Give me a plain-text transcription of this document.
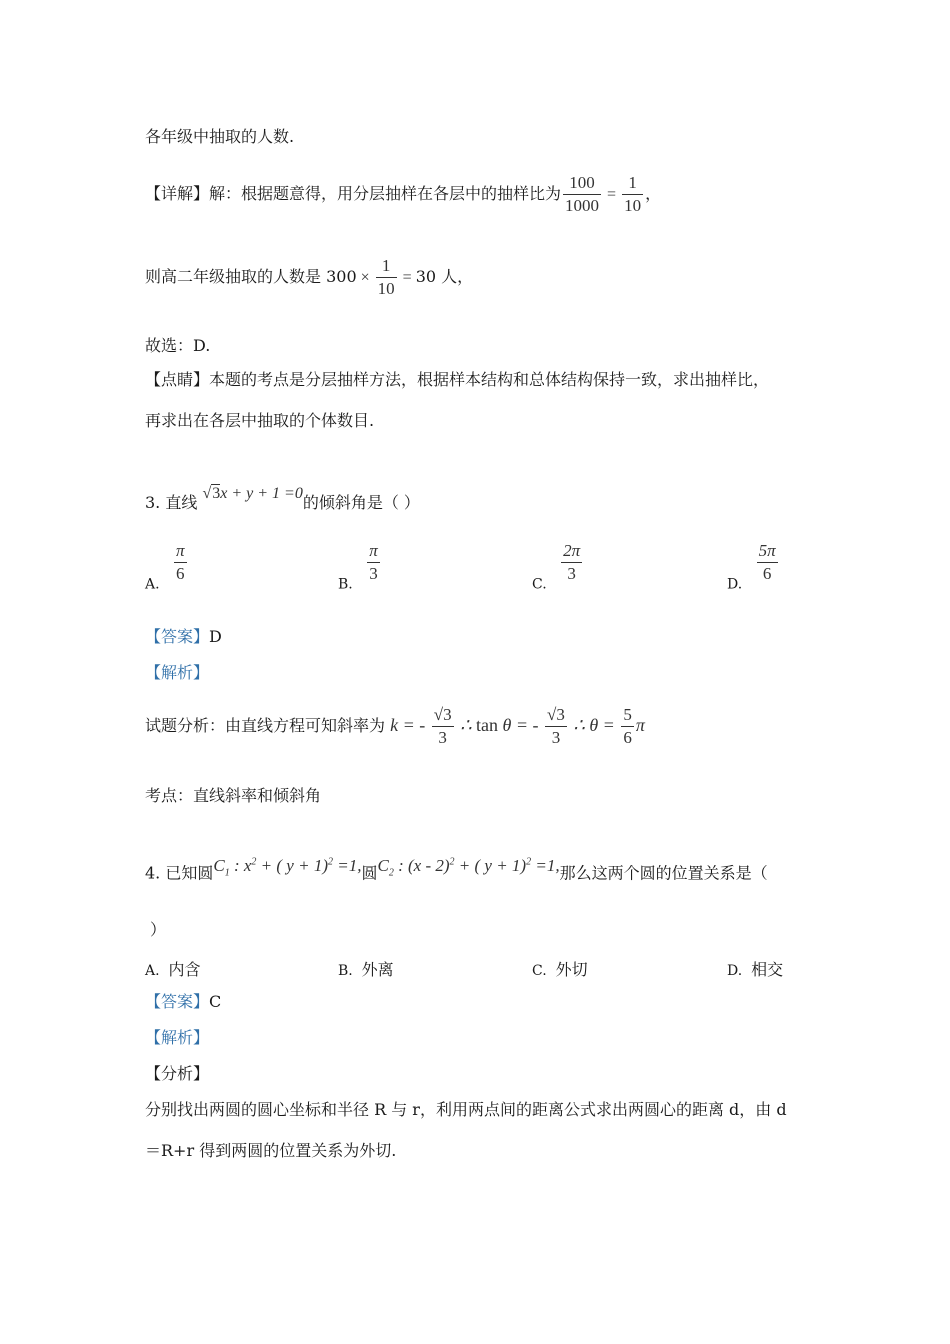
各年级中抽取的人数.
【详解】解：根据题意得，用分层抽样在各层中的抽样比为 $\frac{100}{1000} = \frac{1}{10}$ ，
则高二年级抽取的人数是 $300 \times \frac{1}{10} = 30$ 人，
故选：D.
【点睛】本题的考点是分层抽样方法，根据样本结构和总体结构保持一致，求出抽样比，
再求出在各层中抽取的个体数目.
3. 直线 √3x + y + 1 =0的倾斜角是（ ）
A. $\frac{\pi}{6}$	B. $\frac{\pi}{3}$	C. $\frac{2\pi}{3}$	D. $\frac{5\pi}{6}$
【答案】D
【解析】
试题分析：由直线方程可知斜率为 k = - $\frac{√3}{3}$ ∴ tan θ = - $\frac{√3}{3}$ ∴ $\theta = \frac{5}{6}$ π
考点：直线斜率和倾斜角
4. 已知圆$C_1$ : $x^2$ + ( y + 1)$^2$ =1,圆$C_2$ : (x - 2)$^2$ + ( y + 1)$^2$ =1,那么这两个圆的位置关系是（
）
A. 内含	B. 外离	C. 外切	D. 相交
【答案】C
【解析】
【分析】
分别找出两圆的圆心坐标和半径 R 与 r，利用两点间的距离公式求出两圆心的距离 d，由 d
＝R+r 得到两圆的位置关系为外切.
